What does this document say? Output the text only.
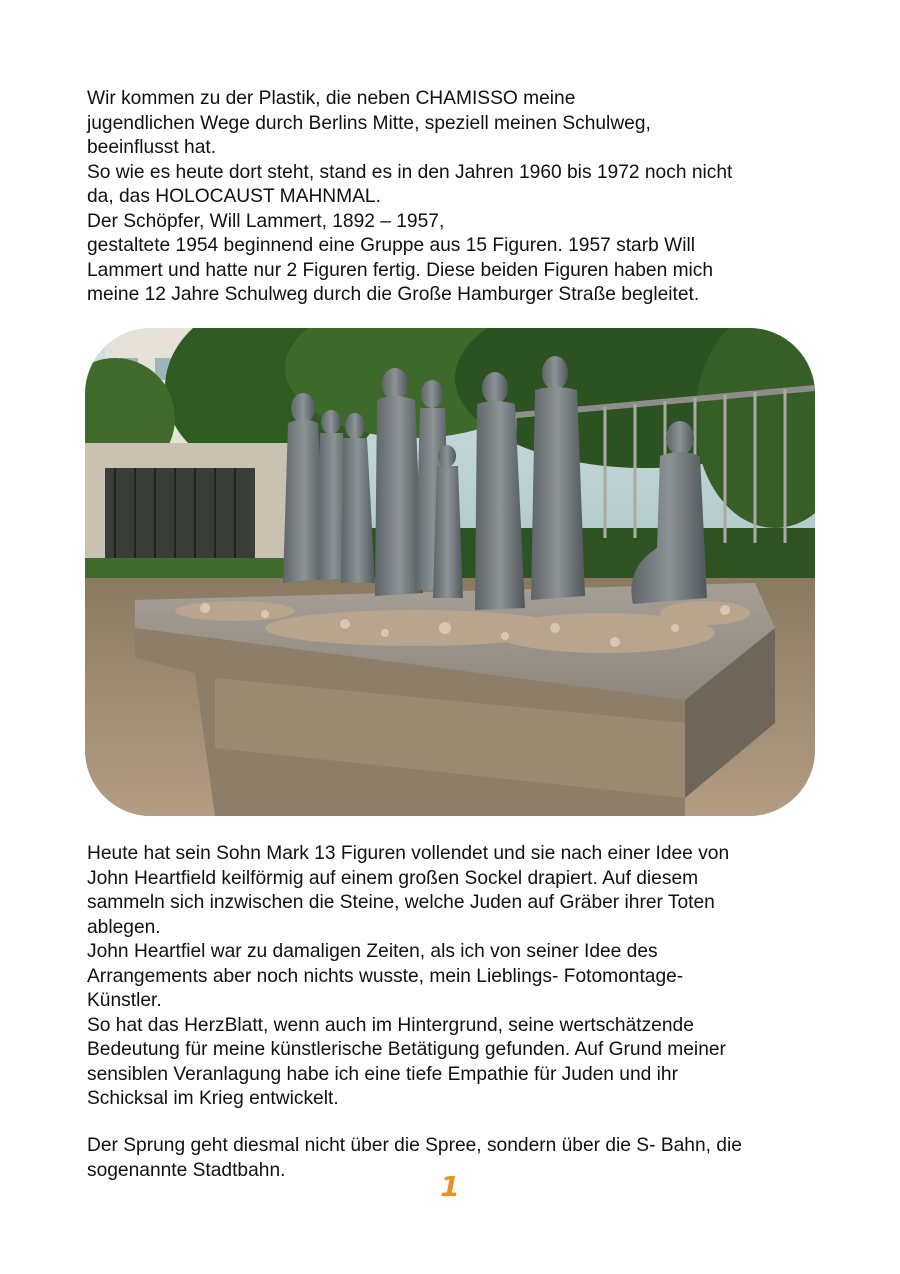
Wir kommen zu der Plastik, die neben CHAMISSO meine
jugendlichen Wege durch Berlins Mitte, speziell meinen Schulweg,
beeinflusst hat.
So wie es heute dort steht, stand es in den Jahren 1960 bis 1972 noch nicht
da, das HOLOCAUST MAHNMAL.
Der Schöpfer, Will Lammert, 1892 – 1957,
gestaltete 1954 beginnend eine Gruppe aus 15 Figuren. 1957 starb Will
Lammert und hatte nur 2 Figuren fertig. Diese beiden Figuren haben mich
meine 12 Jahre Schulweg durch die Große Hamburger Straße begleitet.
Heute hat sein Sohn Mark 13 Figuren vollendet und sie nach einer Idee von
John Heartfield keilförmig auf einem großen Sockel drapiert. Auf diesem
sammeln sich inzwischen die Steine, welche Juden auf Gräber ihrer Toten
ablegen.
John Heartfiel war zu damaligen Zeiten, als ich von seiner Idee des
Arrangements aber noch nichts wusste, mein Lieblings- Fotomontage-
Künstler.
So hat das HerzBlatt, wenn auch im Hintergrund, seine wertschätzende
Bedeutung für meine künstlerische Betätigung gefunden. Auf Grund meiner
sensiblen Veranlagung habe ich eine tiefe Empathie für Juden und ihr
Schicksal im Krieg entwickelt.
Der Sprung geht diesmal nicht über die Spree, sondern über die S- Bahn, die
sogenannte Stadtbahn.	1
